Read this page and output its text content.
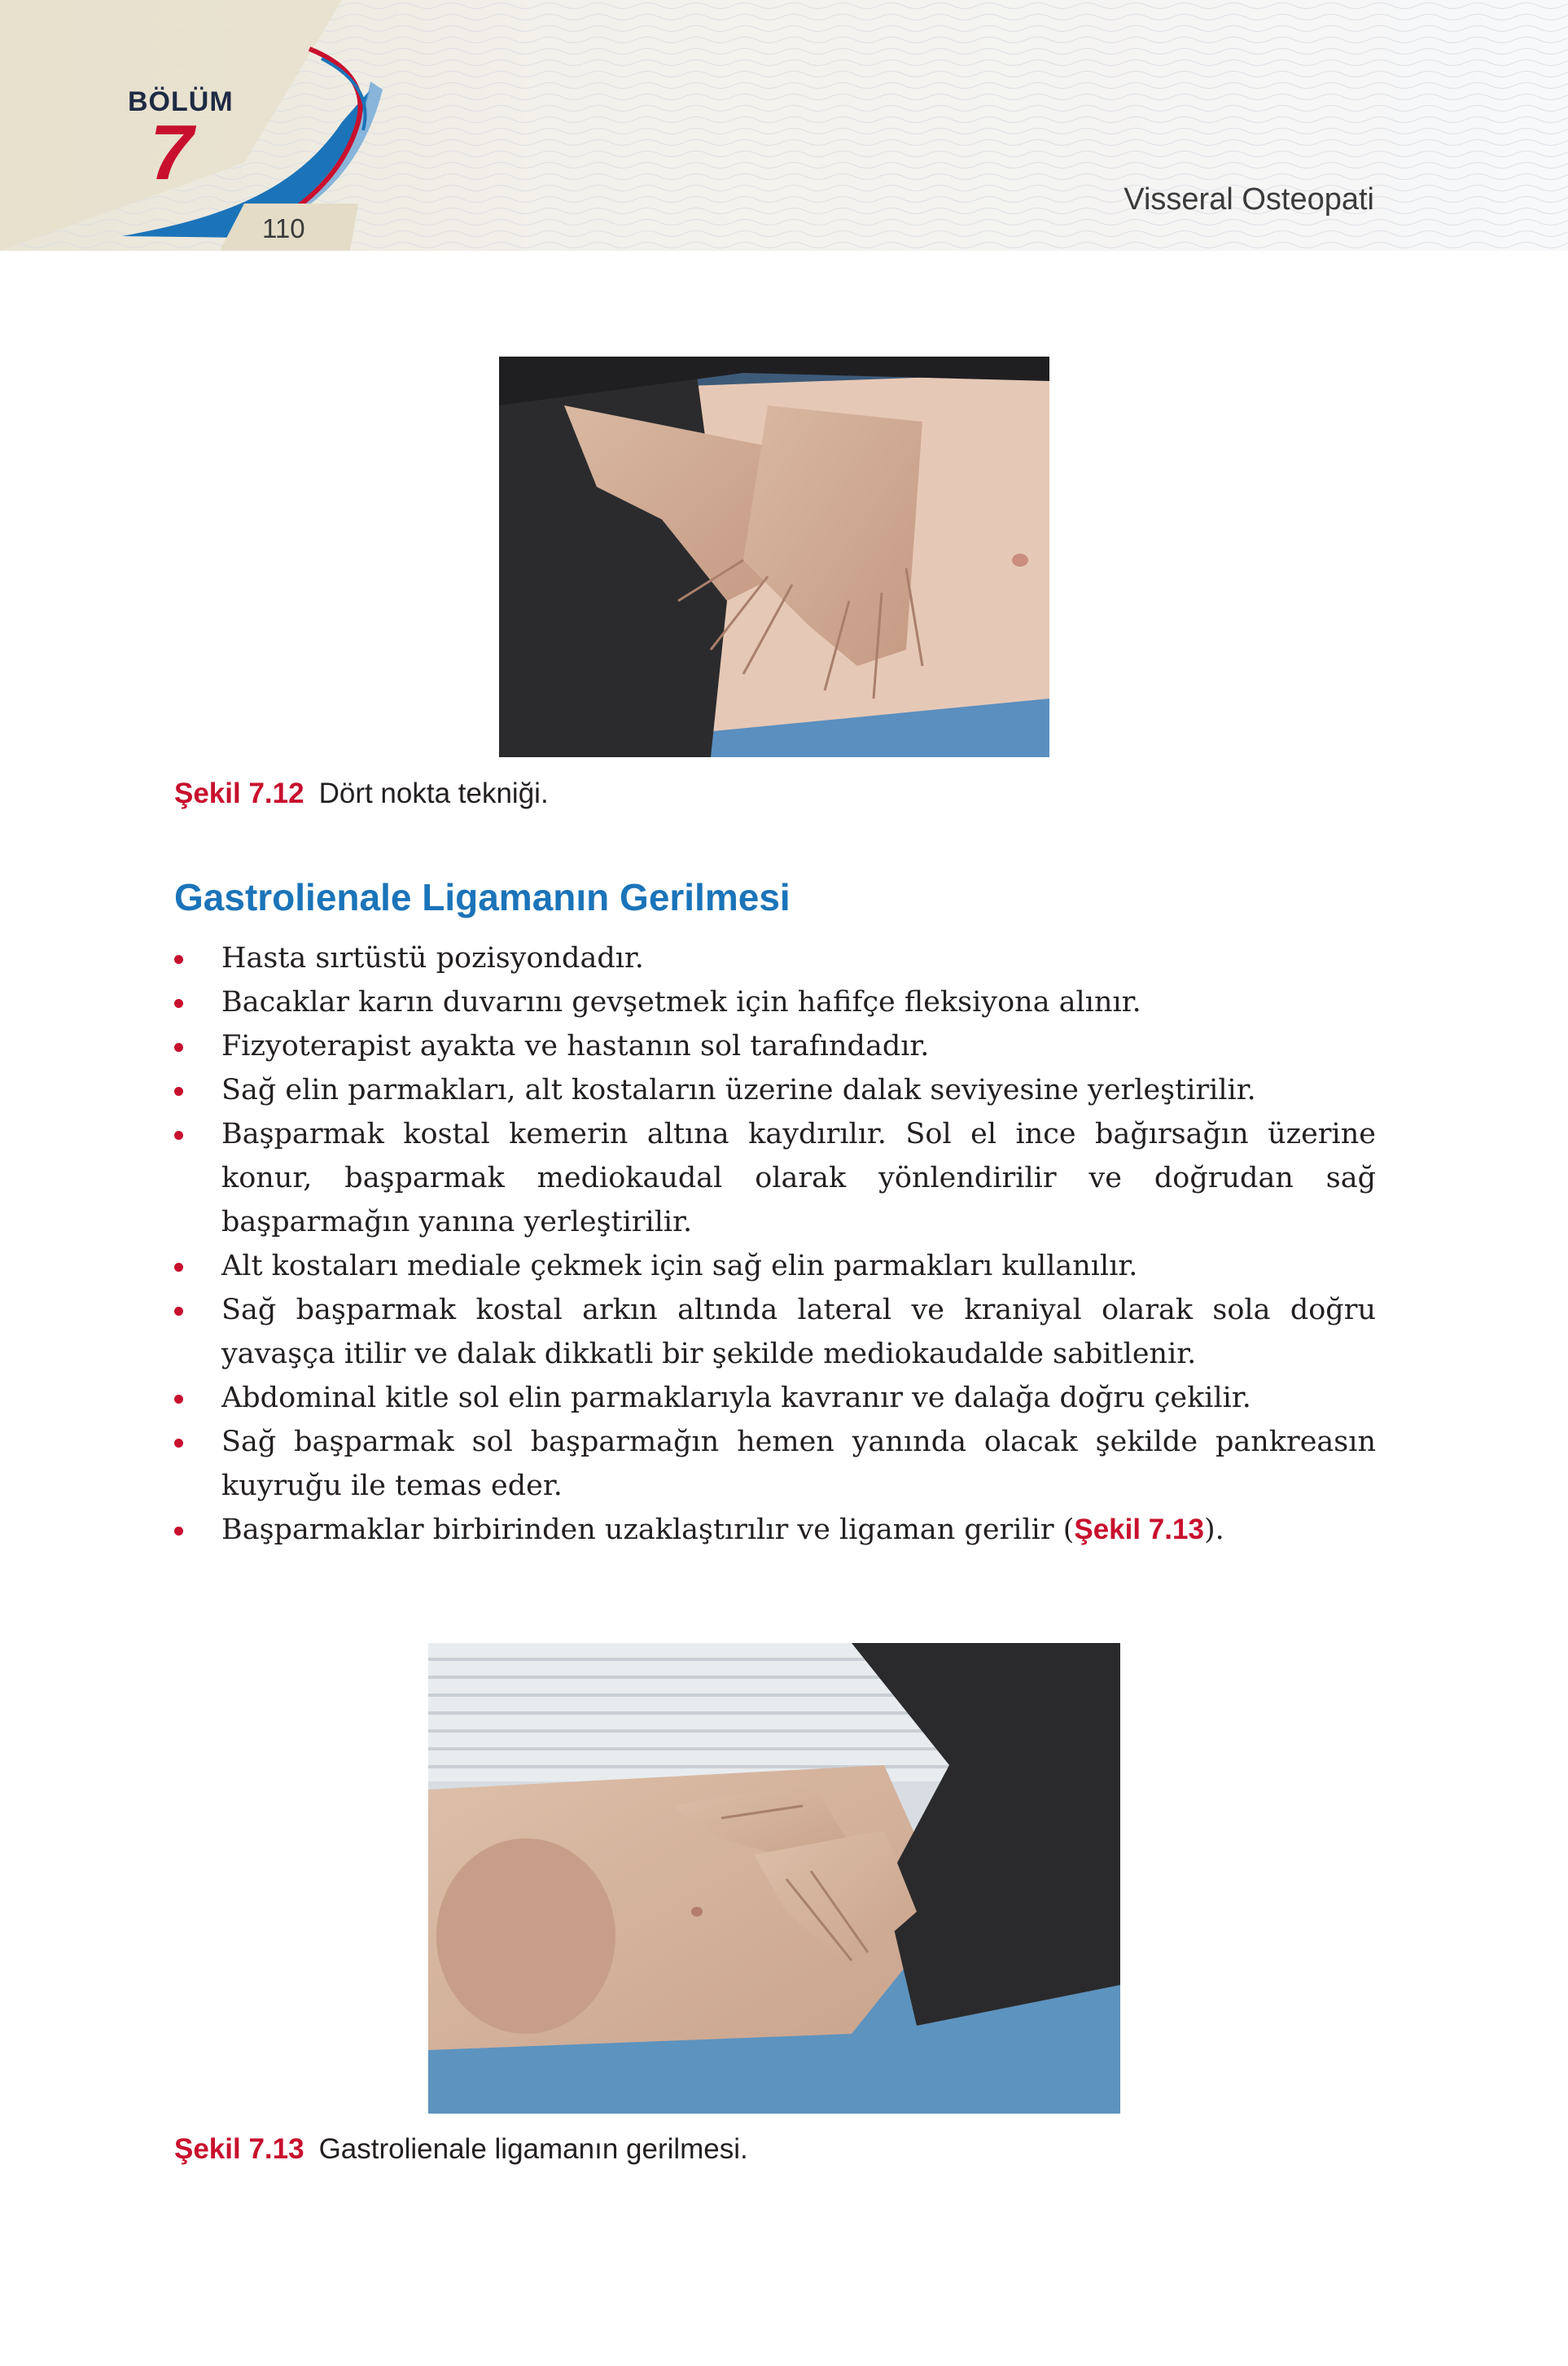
BÖLÜM
7
110
Visseral Osteopati
Şekil 7.12 Dört nokta tekniği.
Gastrolienale Ligamanın Gerilmesi
Hasta sırtüstü pozisyondadır.
Bacaklar karın duvarını gevşetmek için hafifçe fleksiyona alınır.
Fizyoterapist ayakta ve hastanın sol tarafındadır.
Sağ elin parmakları, alt kostaların üzerine dalak seviyesine yerleştirilir.
Başparmak kostal kemerin altına kaydırılır. Sol el ince bağırsağın üzerine konur, başparmak mediokaudal olarak yönlendirilir ve doğrudan sağ başparmağın yanına yerleştirilir.
Alt kostaları mediale çekmek için sağ elin parmakları kullanılır.
Sağ başparmak kostal arkın altında lateral ve kraniyal olarak sola doğru yavaşça itilir ve dalak dikkatli bir şekilde mediokaudalde sabitlenir.
Abdominal kitle sol elin parmaklarıyla kavranır ve dalağa doğru çekilir.
Sağ başparmak sol başparmağın hemen yanında olacak şekilde pankreasın kuyruğu ile temas eder.
Başparmaklar birbirinden uzaklaştırılır ve ligaman gerilir (Şekil 7.13).
Şekil 7.13 Gastrolienale ligamanın gerilmesi.
